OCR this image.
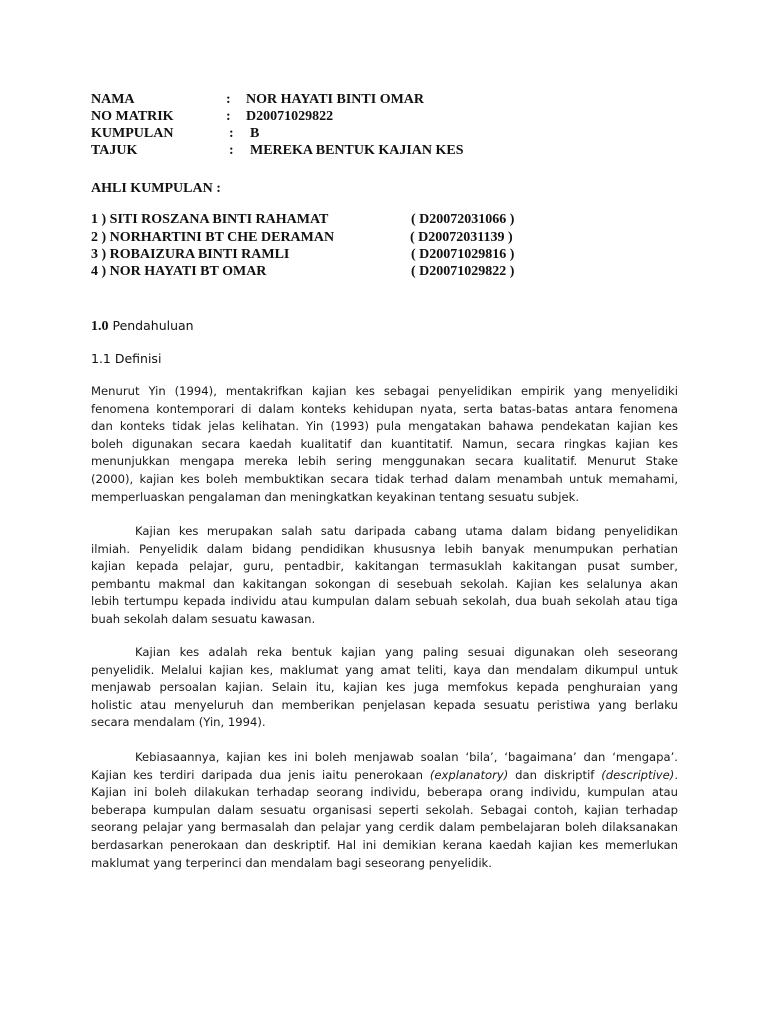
NAMA	: NOR HAYATI BINTI OMAR
NO MATRIK	: D20071029822
KUMPULAN	: B
TAJUK	: MEREKA BENTUK KAJIAN KES
AHLI KUMPULAN :
1 ) SITI ROSZANA BINTI RAHAMAT	( D20072031066 )
2 ) NORHARTINI BT CHE DERAMAN	( D20072031139 )
3 ) ROBAIZURA BINTI RAMLI	( D20071029816 )
4 ) NOR HAYATI BT OMAR	( D20071029822 )
1.0 Pendahuluan
1.1 Definisi
Menurut Yin (1994), mentakrifkan kajian kes sebagai penyelidikan empirik yang menyelidiki
fenomena kontemporari di dalam konteks kehidupan nyata, serta batas-batas antara fenomena
dan konteks tidak jelas kelihatan. Yin (1993) pula mengatakan bahawa pendekatan kajian kes
boleh digunakan secara kaedah kualitatif dan kuantitatif. Namun, secara ringkas kajian kes
menunjukkan mengapa mereka lebih sering menggunakan secara kualitatif. Menurut Stake
(2000), kajian kes boleh membuktikan secara tidak terhad dalam menambah untuk memahami,
memperluaskan pengalaman dan meningkatkan keyakinan tentang sesuatu subjek.
Kajian kes merupakan salah satu daripada cabang utama dalam bidang penyelidikan
ilmiah. Penyelidik dalam bidang pendidikan khususnya lebih banyak menumpukan perhatian
kajian kepada pelajar, guru, pentadbir, kakitangan termasuklah kakitangan pusat sumber,
pembantu makmal dan kakitangan sokongan di sesebuah sekolah. Kajian kes selalunya akan
lebih tertumpu kepada individu atau kumpulan dalam sebuah sekolah, dua buah sekolah atau tiga
buah sekolah dalam sesuatu kawasan.
Kajian kes adalah reka bentuk kajian yang paling sesuai digunakan oleh seseorang
penyelidik. Melalui kajian kes, maklumat yang amat teliti, kaya dan mendalam dikumpul untuk
menjawab persoalan kajian. Selain itu, kajian kes juga memfokus kepada penghuraian yang
holistic atau menyeluruh dan memberikan penjelasan kepada sesuatu peristiwa yang berlaku
secara mendalam (Yin, 1994).
Kebiasaannya, kajian kes ini boleh menjawab soalan ‘bila’, ‘bagaimana’ dan ‘mengapa’.
Kajian kes terdiri daripada dua jenis iaitu penerokaan (explanatory) dan diskriptif (descriptive).
Kajian ini boleh dilakukan terhadap seorang individu, beberapa orang individu, kumpulan atau
beberapa kumpulan dalam sesuatu organisasi seperti sekolah. Sebagai contoh, kajian terhadap
seorang pelajar yang bermasalah dan pelajar yang cerdik dalam pembelajaran boleh dilaksanakan
berdasarkan penerokaan dan deskriptif. Hal ini demikian kerana kaedah kajian kes memerlukan
maklumat yang terperinci dan mendalam bagi seseorang penyelidik.
